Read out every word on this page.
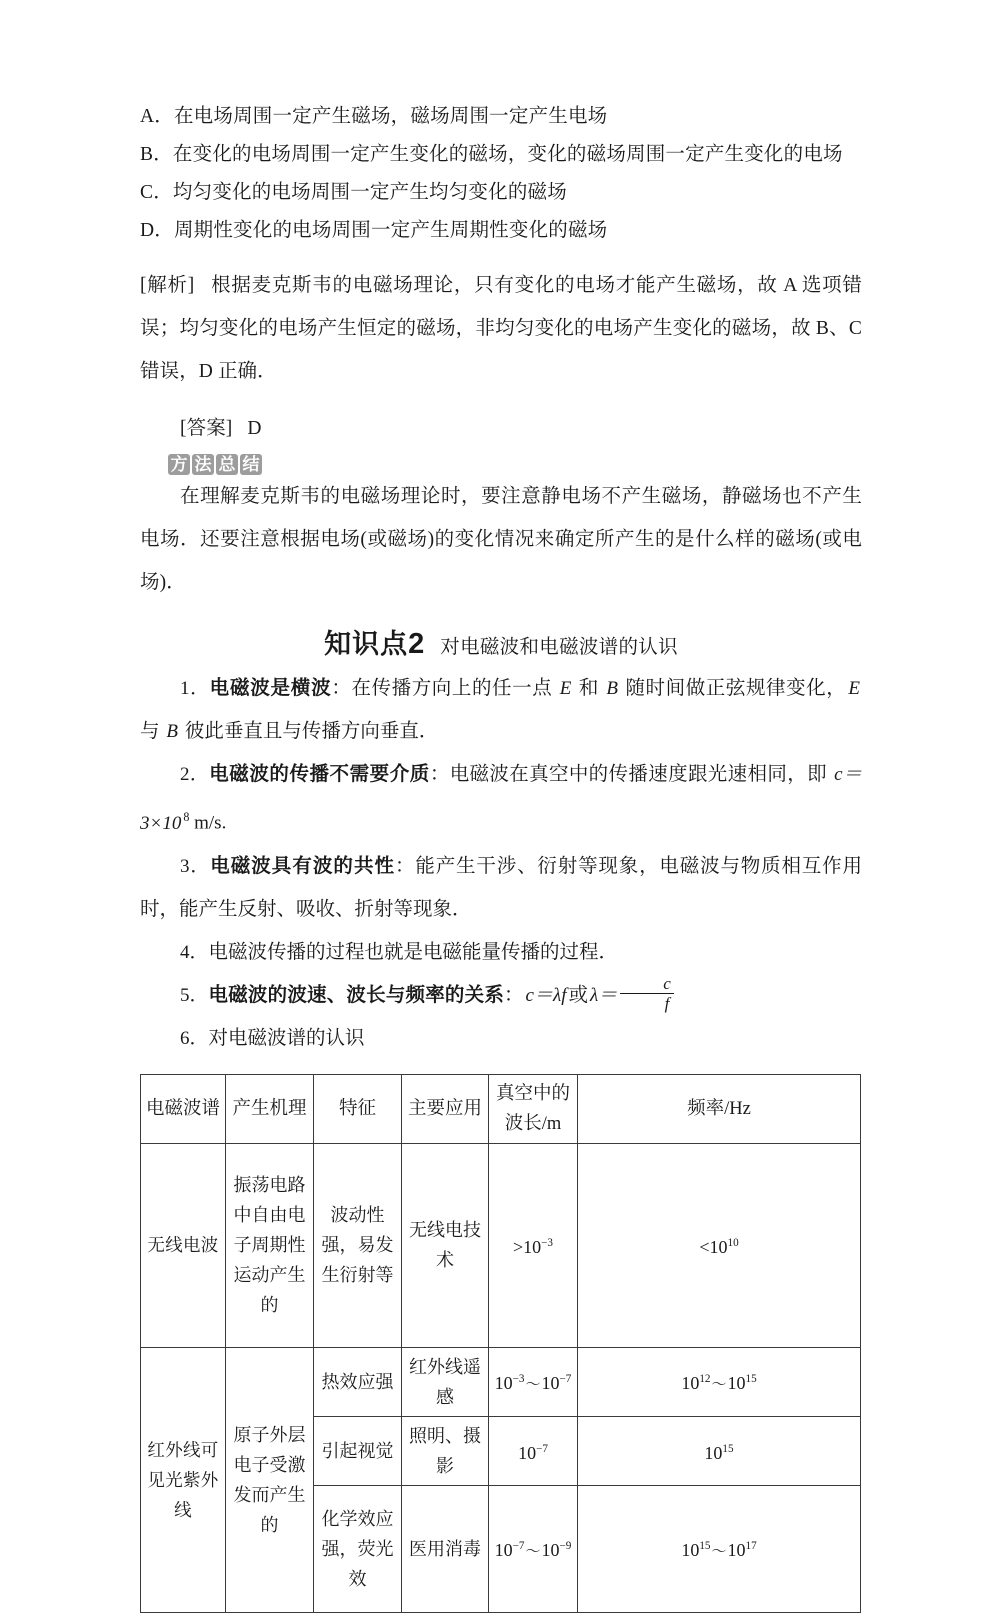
A．在电场周围一定产生磁场，磁场周围一定产生电场

B．在变化的电场周围一定产生变化的磁场，变化的磁场周围一定产生变化的电场

C．均匀变化的电场周围一定产生均匀变化的磁场

D．周期性变化的电场周围一定产生周期性变化的磁场

[解析] 根据麦克斯韦的电磁场理论，只有变化的电场才能产生磁场，故 A 选项错误；均匀变化的电场产生恒定的磁场，非均匀变化的电场产生变化的磁场，故 B、C 错误，D 正确．

[答案] D

方 法 总 结

在理解麦克斯韦的电磁场理论时，要注意静电场不产生磁场，静磁场也不产生电场．还要注意根据电场(或磁场)的变化情况来确定所产生的是什么样的磁场(或电场)．

知识点2 对电磁波和电磁波谱的认识

1．电磁波是横波：在传播方向上的任一点 E 和 B 随时间做正弦规律变化， E 与 B 彼此垂直且与传播方向垂直．

2．电磁波的传播不需要介质：电磁波在真空中的传播速度跟光速相同，即 c＝3×10 $^8$ m/s.

3．电磁波具有波的共性：能产生干涉、衍射等现象，电磁波与物质相互作用时，能产生反射、吸收、折射等现象．

4．电磁波传播的过程也就是电磁能量传播的过程．

5．电磁波的波速、波长与频率的关系： c＝λf 或 $\lambda= \frac{c}{f}$

6．对电磁波谱的认识

电磁波谱	产生机理	特征	主要应用	真空中的波长/m	频率/Hz
无线电波	振荡电路中自由电子周期性运动产生的	波动性强，易发生衍射等	无线电技术	$>10^{-3}$	$<10^{10}$
红外线可见光紫外线	原子外层电子受激发而产生的	热效应强	红外线遥感	$10^{-3}\sim 10^{-7}$	$10^{12}\sim 10^{15}$
		引起视觉	照明、摄影	$10^{-7}$	$10^{15}$
		化学效应强，荧光效	医用消毒	$10^{-7}\sim 10^{-9}$	$10^{15}\sim 10^{17}$
